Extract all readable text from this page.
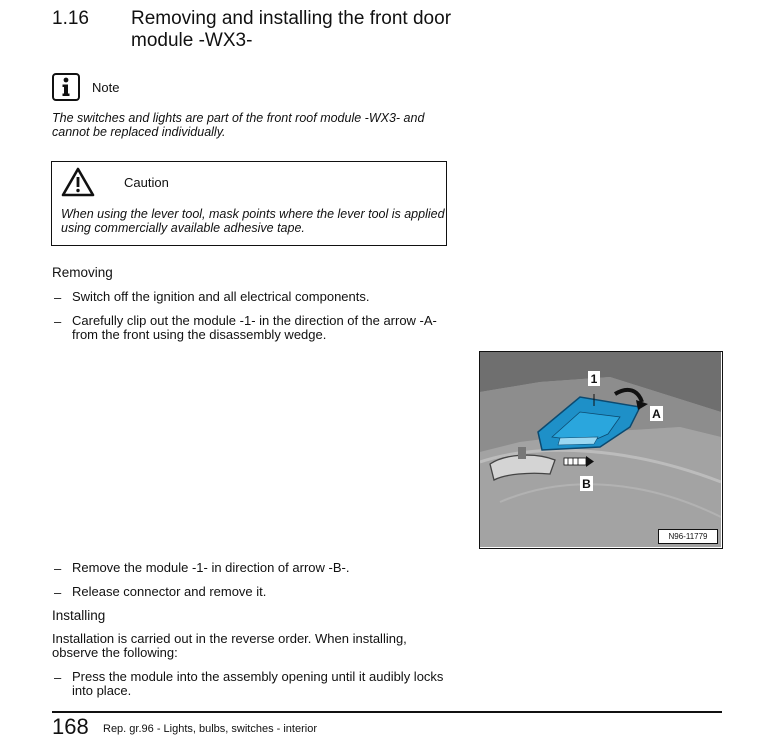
1.16 Removing and installing the front door module -WX3-
Note
The switches and lights are part of the front roof module -WX3- and cannot be replaced individually.
Caution
When using the lever tool, mask points where the lever tool is applied using commercially available adhesive tape.
Removing
– Switch off the ignition and all electrical components.
– Carefully clip out the module -1- in the direction of the arrow -A- from the front using the disassembly wedge.
1
A
B
N96-11779
– Remove the module -1- in direction of arrow -B-.
– Release connector and remove it.
Installing
Installation is carried out in the reverse order. When installing, observe the following:
– Press the module into the assembly opening until it audibly locks into place.
168 Rep. gr.96 - Lights, bulbs, switches - interior
